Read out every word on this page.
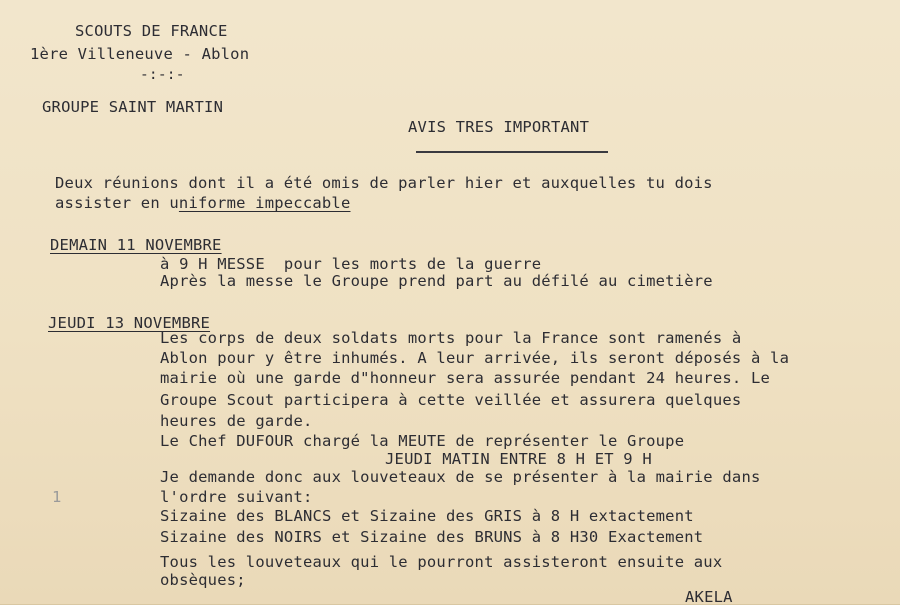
SCOUTS DE FRANCE
1ère Villeneuve - Ablon
-:-:-
GROUPE SAINT MARTIN
AVIS TRES IMPORTANT
Deux réunions dont il a été omis de parler hier et auxquelles tu dois
assister en uniforme impeccable
DEMAIN 11 NOVEMBRE
à 9 H MESSE  pour les morts de la guerre
Après la messe le Groupe prend part au défilé au cimetière
JEUDI 13 NOVEMBRE
Les corps de deux soldats morts pour la France sont ramenés à
Ablon pour y être inhumés. A leur arrivée, ils seront déposés à la
mairie où une garde d"honneur sera assurée pendant 24 heures. Le
Groupe Scout participera à cette veillée et assurera quelques
heures de garde.
Le Chef DUFOUR chargé la MEUTE de représenter le Groupe
JEUDI MATIN ENTRE 8 H ET 9 H
Je demande donc aux louveteaux de se présenter à la mairie dans
l'ordre suivant:
Sizaine des BLANCS et Sizaine des GRIS à 8 H extactement
Sizaine des NOIRS et Sizaine des BRUNS à 8 H30 Exactement
Tous les louveteaux qui le pourront assisteront ensuite aux
obsèques;
1
AKELA
